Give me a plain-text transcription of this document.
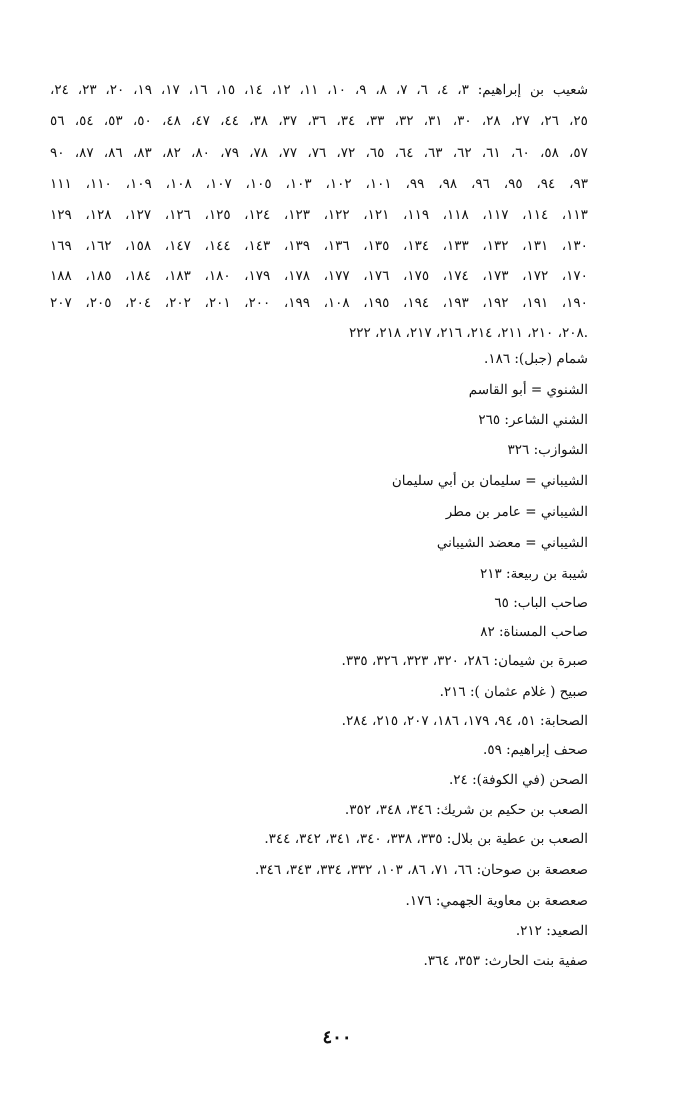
شعيب بن إبراهيم: ٣، ٤، ٦، ٧، ٨، ٩، ١٠، ١١، ١٢، ١٤، ١٥، ١٦، ١٧، ١٩، ٢٠، ٢٣، ٢٤،
٢٥، ٢٦، ٢٧، ٢٨، ٣٠، ٣١، ٣٢، ٣٣، ٣٤، ٣٦، ٣٧، ٣٨، ٤٤، ٤٧، ٤٨، ٥٠، ٥٣، ٥٤، ٥٦
٥٧، ٥٨، ٦٠، ٦١، ٦٢، ٦٣، ٦٤، ٦٥، ٧٢، ٧٦، ٧٧، ٧٨، ٧٩، ٨٠، ٨٢، ٨٣، ٨٦، ٨٧، ٩٠
٩٣، ٩٤، ٩٥، ٩٦، ٩٨، ٩٩، ١٠١، ١٠٢، ١٠٣، ١٠٥، ١٠٧، ١٠٨، ١٠٩، ١١٠، ١١١
١١٣، ١١٤، ١١٧، ١١٨، ١١٩، ١٢١، ١٢٢، ١٢٣، ١٢٤، ١٢٥، ١٢٦، ١٢٧، ١٢٨، ١٢٩
١٣٠، ١٣١، ١٣٢، ١٣٣، ١٣٤، ١٣٥، ١٣٦، ١٣٩، ١٤٣، ١٤٤، ١٤٧، ١٥٨، ١٦٢، ١٦٩
١٧٠، ١٧٢، ١٧٣، ١٧٤، ١٧٥، ١٧٦، ١٧٧، ١٧٨، ١٧٩، ١٨٠، ١٨٣، ١٨٤، ١٨٥، ١٨٨
١٩٠، ١٩١، ١٩٢، ١٩٣، ١٩٤، ١٩٥، ١٠٨، ١٩٩، ٢٠٠، ٢٠١، ٢٠٢، ٢٠٤، ٢٠٥، ٢٠٧
٢٠٨، ٢١٠، ٢١١، ٢١٤، ٢١٦، ٢١٧، ٢١٨، ٢٢٢.
شمام (جبل): ١٨٦.
الشنوي = أبو القاسم
الشني الشاعر: ٢٦٥
الشوازب: ٣٢٦
الشيباني = سليمان بن أبي سليمان
الشيباني = عامر بن مطر
الشيباني = معضد الشيباني
شيبة بن ربيعة: ٢١٣
صاحب الباب: ٦٥
صاحب المسناة: ٨٢
صبرة بن شيمان: ٢٨٦، ٣٢٠، ٣٢٣، ٣٢٦، ٣٣٥.
صبيح ( غلام عثمان ): ٢١٦.
الصحابة: ٥١، ٩٤، ١٧٩، ١٨٦، ٢٠٧، ٢١٥، ٢٨٤.
صحف إبراهيم: ٥٩.
الصحن (في الكوفة): ٢٤.
الصعب بن حكيم بن شريك: ٣٤٦، ٣٤٨، ٣٥٢.
الصعب بن عطية بن بلال: ٣٣٥، ٣٣٨، ٣٤٠، ٣٤١، ٣٤٢، ٣٤٤.
صعصعة بن صوحان: ٦٦، ٧١، ٨٦، ١٠٣، ٣٣٢، ٣٣٤، ٣٤٣، ٣٤٦.
صعصعة بن معاوية الجهمي: ١٧٦.
الصعيد: ٢١٢.
صفية بنت الحارث: ٣٥٣، ٣٦٤.
٤٠٠
